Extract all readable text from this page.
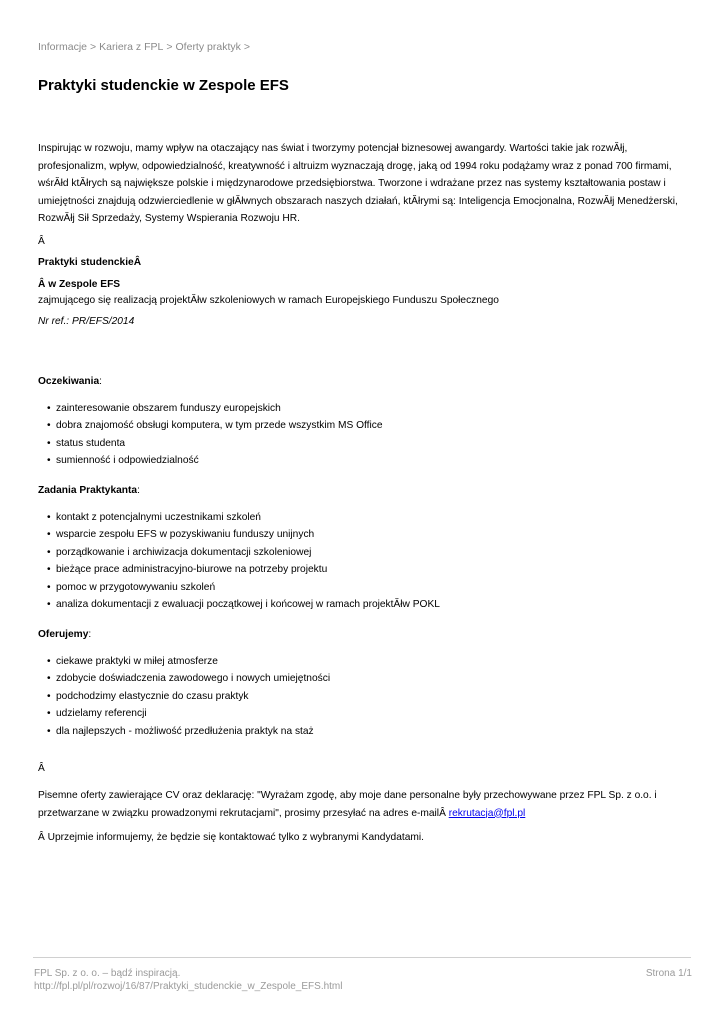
Informacje > Kariera z FPL > Oferty praktyk >
Praktyki studenckie w Zespole EFS

Inspirując w rozwoju, mamy wpływ na otaczający nas świat i tworzymy potencjał biznesowej awangardy. Wartości takie jak rozwĂłj, profesjonalizm, wpływ, odpowiedzialność, kreatywność i altruizm wyznaczają drogę, jaką od 1994 roku podążamy wraz z ponad 700 firmami, wśrĂłd ktĂłrych są największe polskie i międzynarodowe przedsiębiorstwa. Tworzone i wdrażane przez nas systemy kształtowania postaw i umiejętności znajdują odzwierciedlenie w głĂłwnych obszarach naszych działań, ktĂłrymi są: Inteligencja Emocjonalna, RozwĂłj Menedżerski, RozwĂłj Sił Sprzedaży, Systemy Wspierania Rozwoju HR.

Â

Praktyki studenckieÂ

Â w Zespole EFS

zajmującego się realizacją projektĂłw szkoleniowych w ramach Europejskiego Funduszu Społecznego

Nr ref.: PR/EFS/2014

Oczekiwania:

• zainteresowanie obszarem funduszy europejskich
• dobra znajomość obsługi komputera, w tym przede wszystkim MS Office
• status studenta
• sumienność i odpowiedzialność

Zadania Praktykanta:

• kontakt z potencjalnymi uczestnikami szkoleń
• wsparcie zespołu EFS w pozyskiwaniu funduszy unijnych
• porządkowanie i archiwizacja dokumentacji szkoleniowej
• bieżące prace administracyjno-biurowe na potrzeby projektu
• pomoc w przygotowywaniu szkoleń
• analiza dokumentacji z ewaluacji początkowej i końcowej w ramach projektĂłw POKL

Oferujemy:

• ciekawe praktyki w miłej atmosferze
• zdobycie doświadczenia zawodowego i nowych umiejętności
• podchodzimy elastycznie do czasu praktyk
• udzielamy referencji
• dla najlepszych - możliwość przedłużenia praktyk na staż

Â

Pisemne oferty zawierające CV oraz deklarację: "Wyrażam zgodę, aby moje dane personalne były przechowywane przez FPL Sp. z o.o. i przetwarzane w związku prowadzonymi rekrutacjami", prosimy przesyłać na adres e-mailÂ rekrutacja@fpl.pl

Â Uprzejmie informujemy, że będzie się kontaktować tylko z wybranymi Kandydatami.

FPL Sp. z o. o. – bądź inspiracją.
http://fpl.pl/pl/rozwoj/16/87/Praktyki_studenckie_w_Zespole_EFS.html
Strona 1/1
